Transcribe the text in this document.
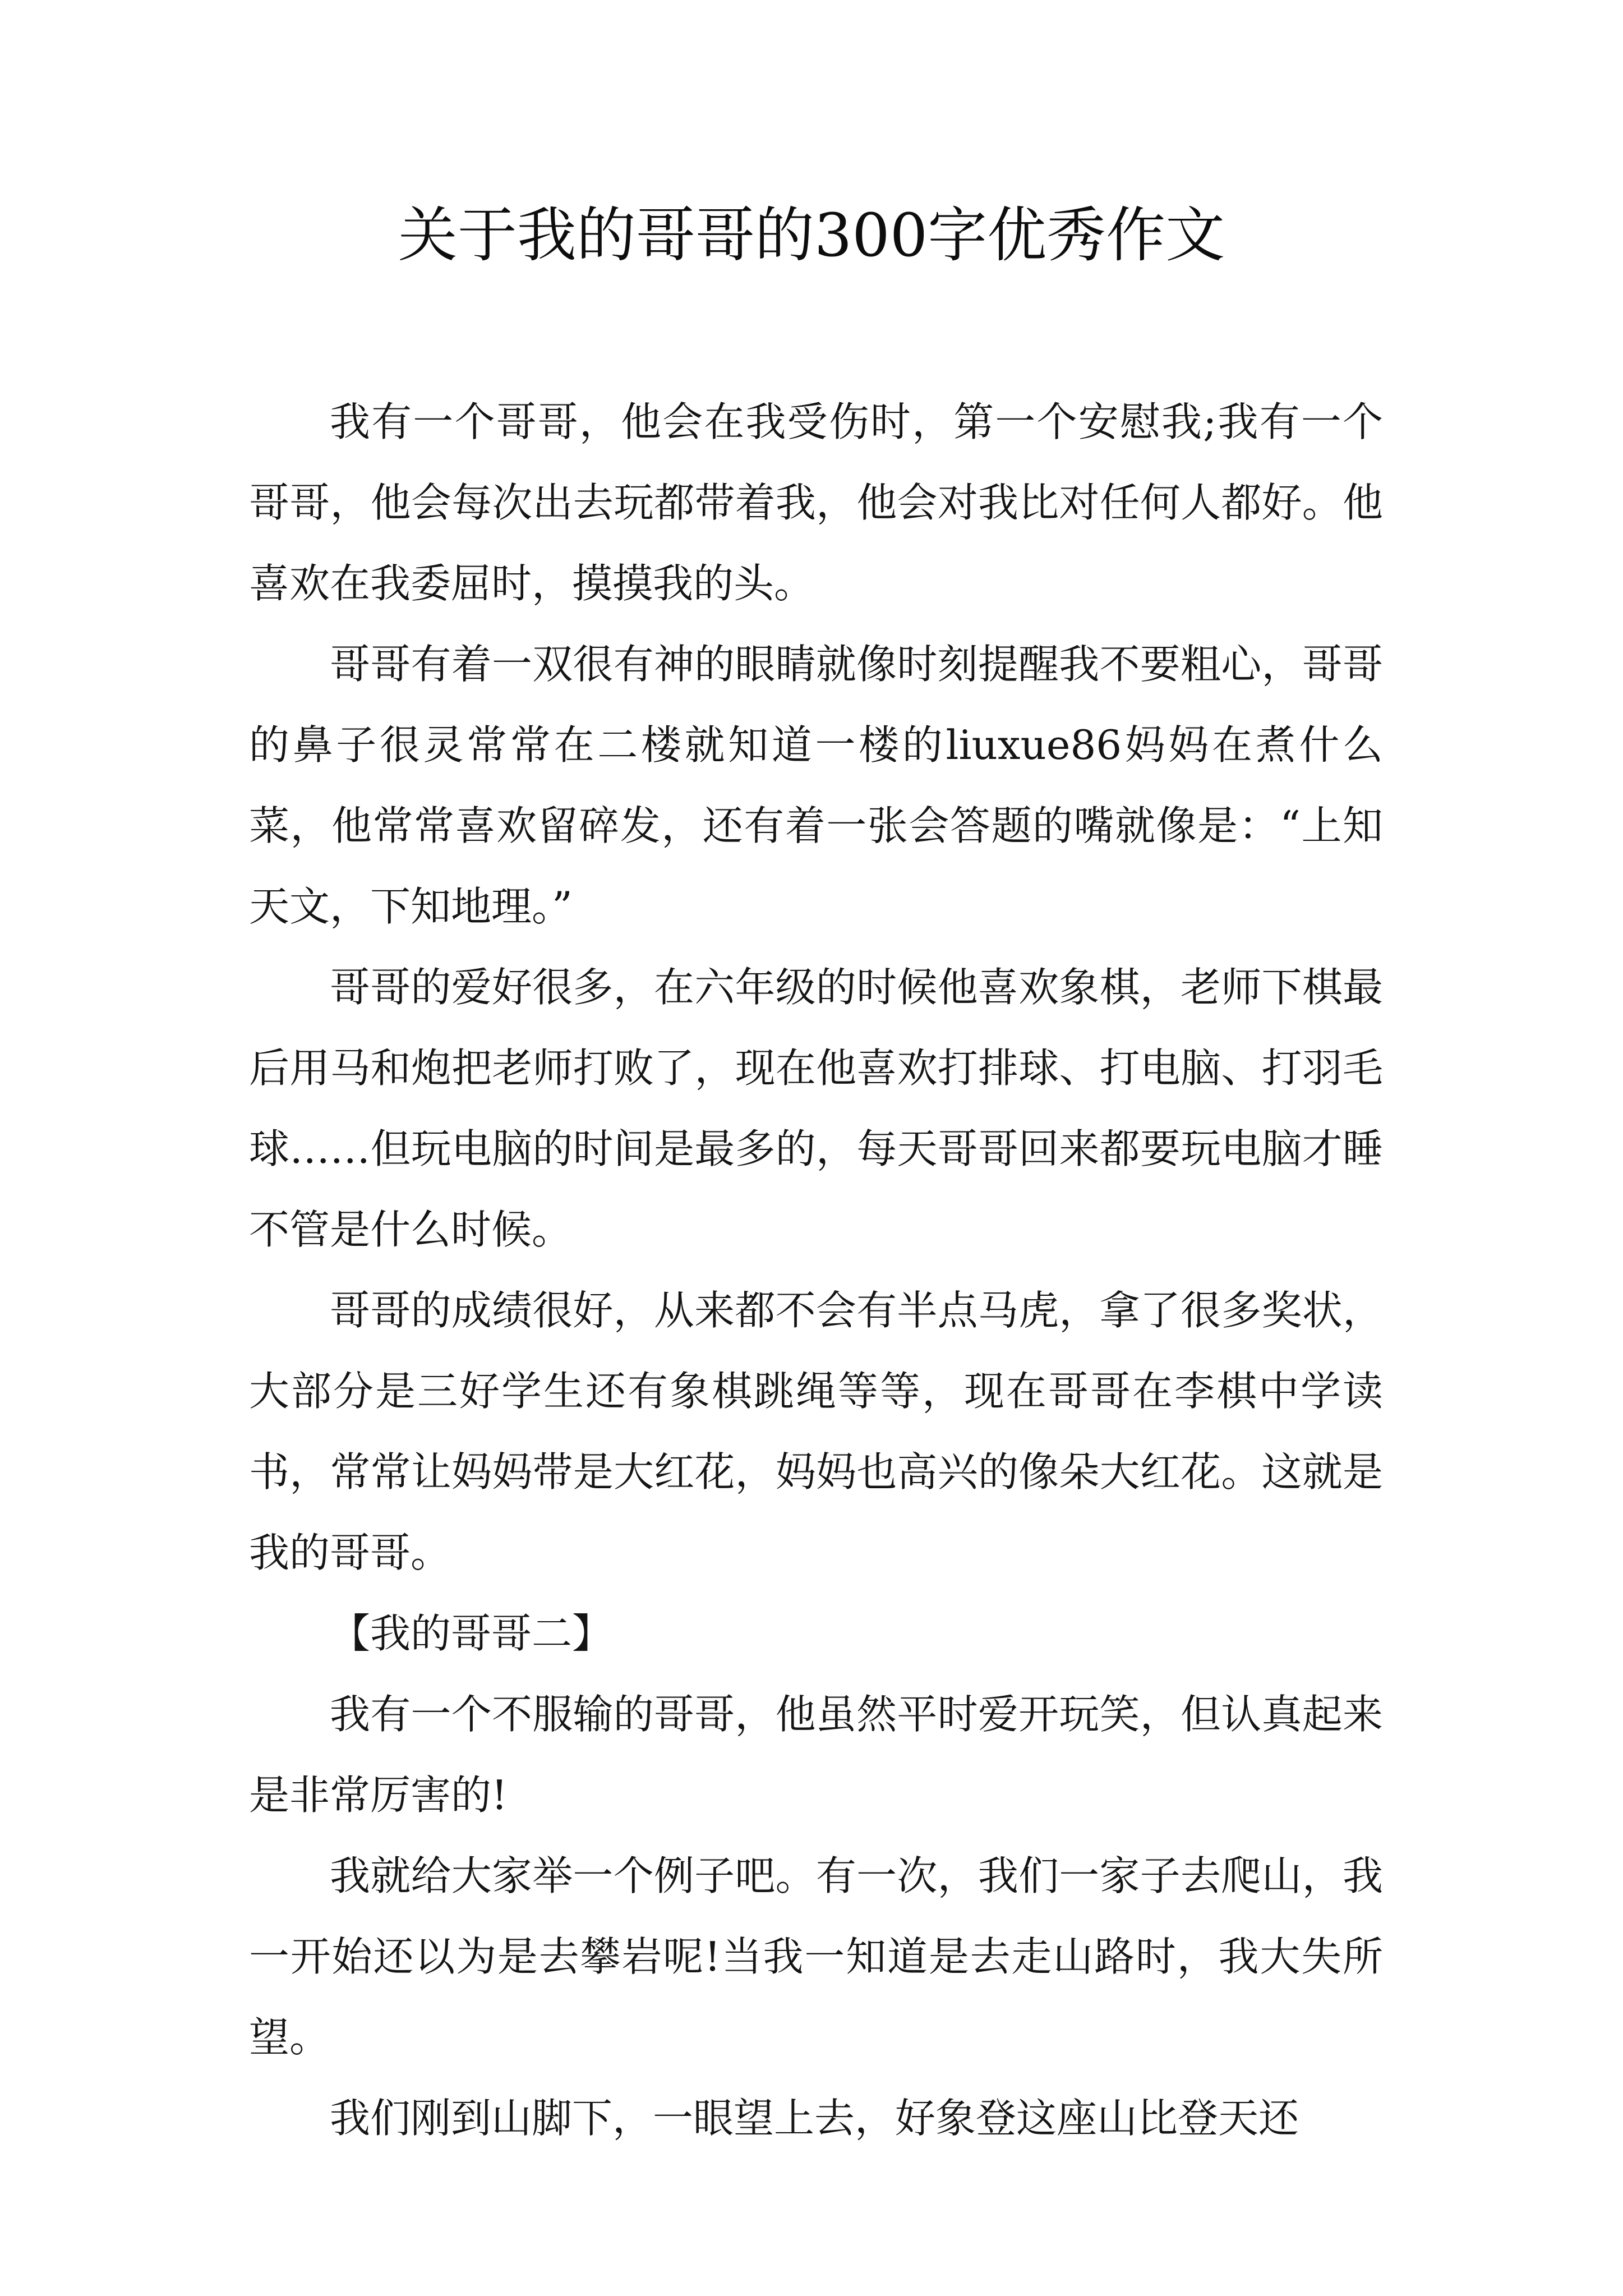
关于我的哥哥的300字优秀作文

我有一个哥哥，他会在我受伤时，第一个安慰我;我有一个哥哥，他会每次出去玩都带着我，他会对我比对任何人都好。他喜欢在我委屈时，摸摸我的头。

哥哥有着一双很有神的眼睛就像时刻提醒我不要粗心，哥哥的鼻子很灵常常在二楼就知道一楼的liuxue86妈妈在煮什么菜，他常常喜欢留碎发，还有着一张会答题的嘴就像是：“上知天文，下知地理。”

哥哥的爱好很多，在六年级的时候他喜欢象棋，老师下棋最后用马和炮把老师打败了，现在他喜欢打排球、打电脑、打羽毛球……但玩电脑的时间是最多的，每天哥哥回来都要玩电脑才睡不管是什么时候。

哥哥的成绩很好，从来都不会有半点马虎，拿了很多奖状，大部分是三好学生还有象棋跳绳等等，现在哥哥在李棋中学读书，常常让妈妈带是大红花，妈妈也高兴的像朵大红花。这就是我的哥哥。

【我的哥哥二】

我有一个不服输的哥哥，他虽然平时爱开玩笑，但认真起来是非常厉害的!

我就给大家举一个例子吧。有一次，我们一家子去爬山，我一开始还以为是去攀岩呢!当我一知道是去走山路时，我大失所望。

我们刚到山脚下，一眼望上去，好象登这座山比登天还
